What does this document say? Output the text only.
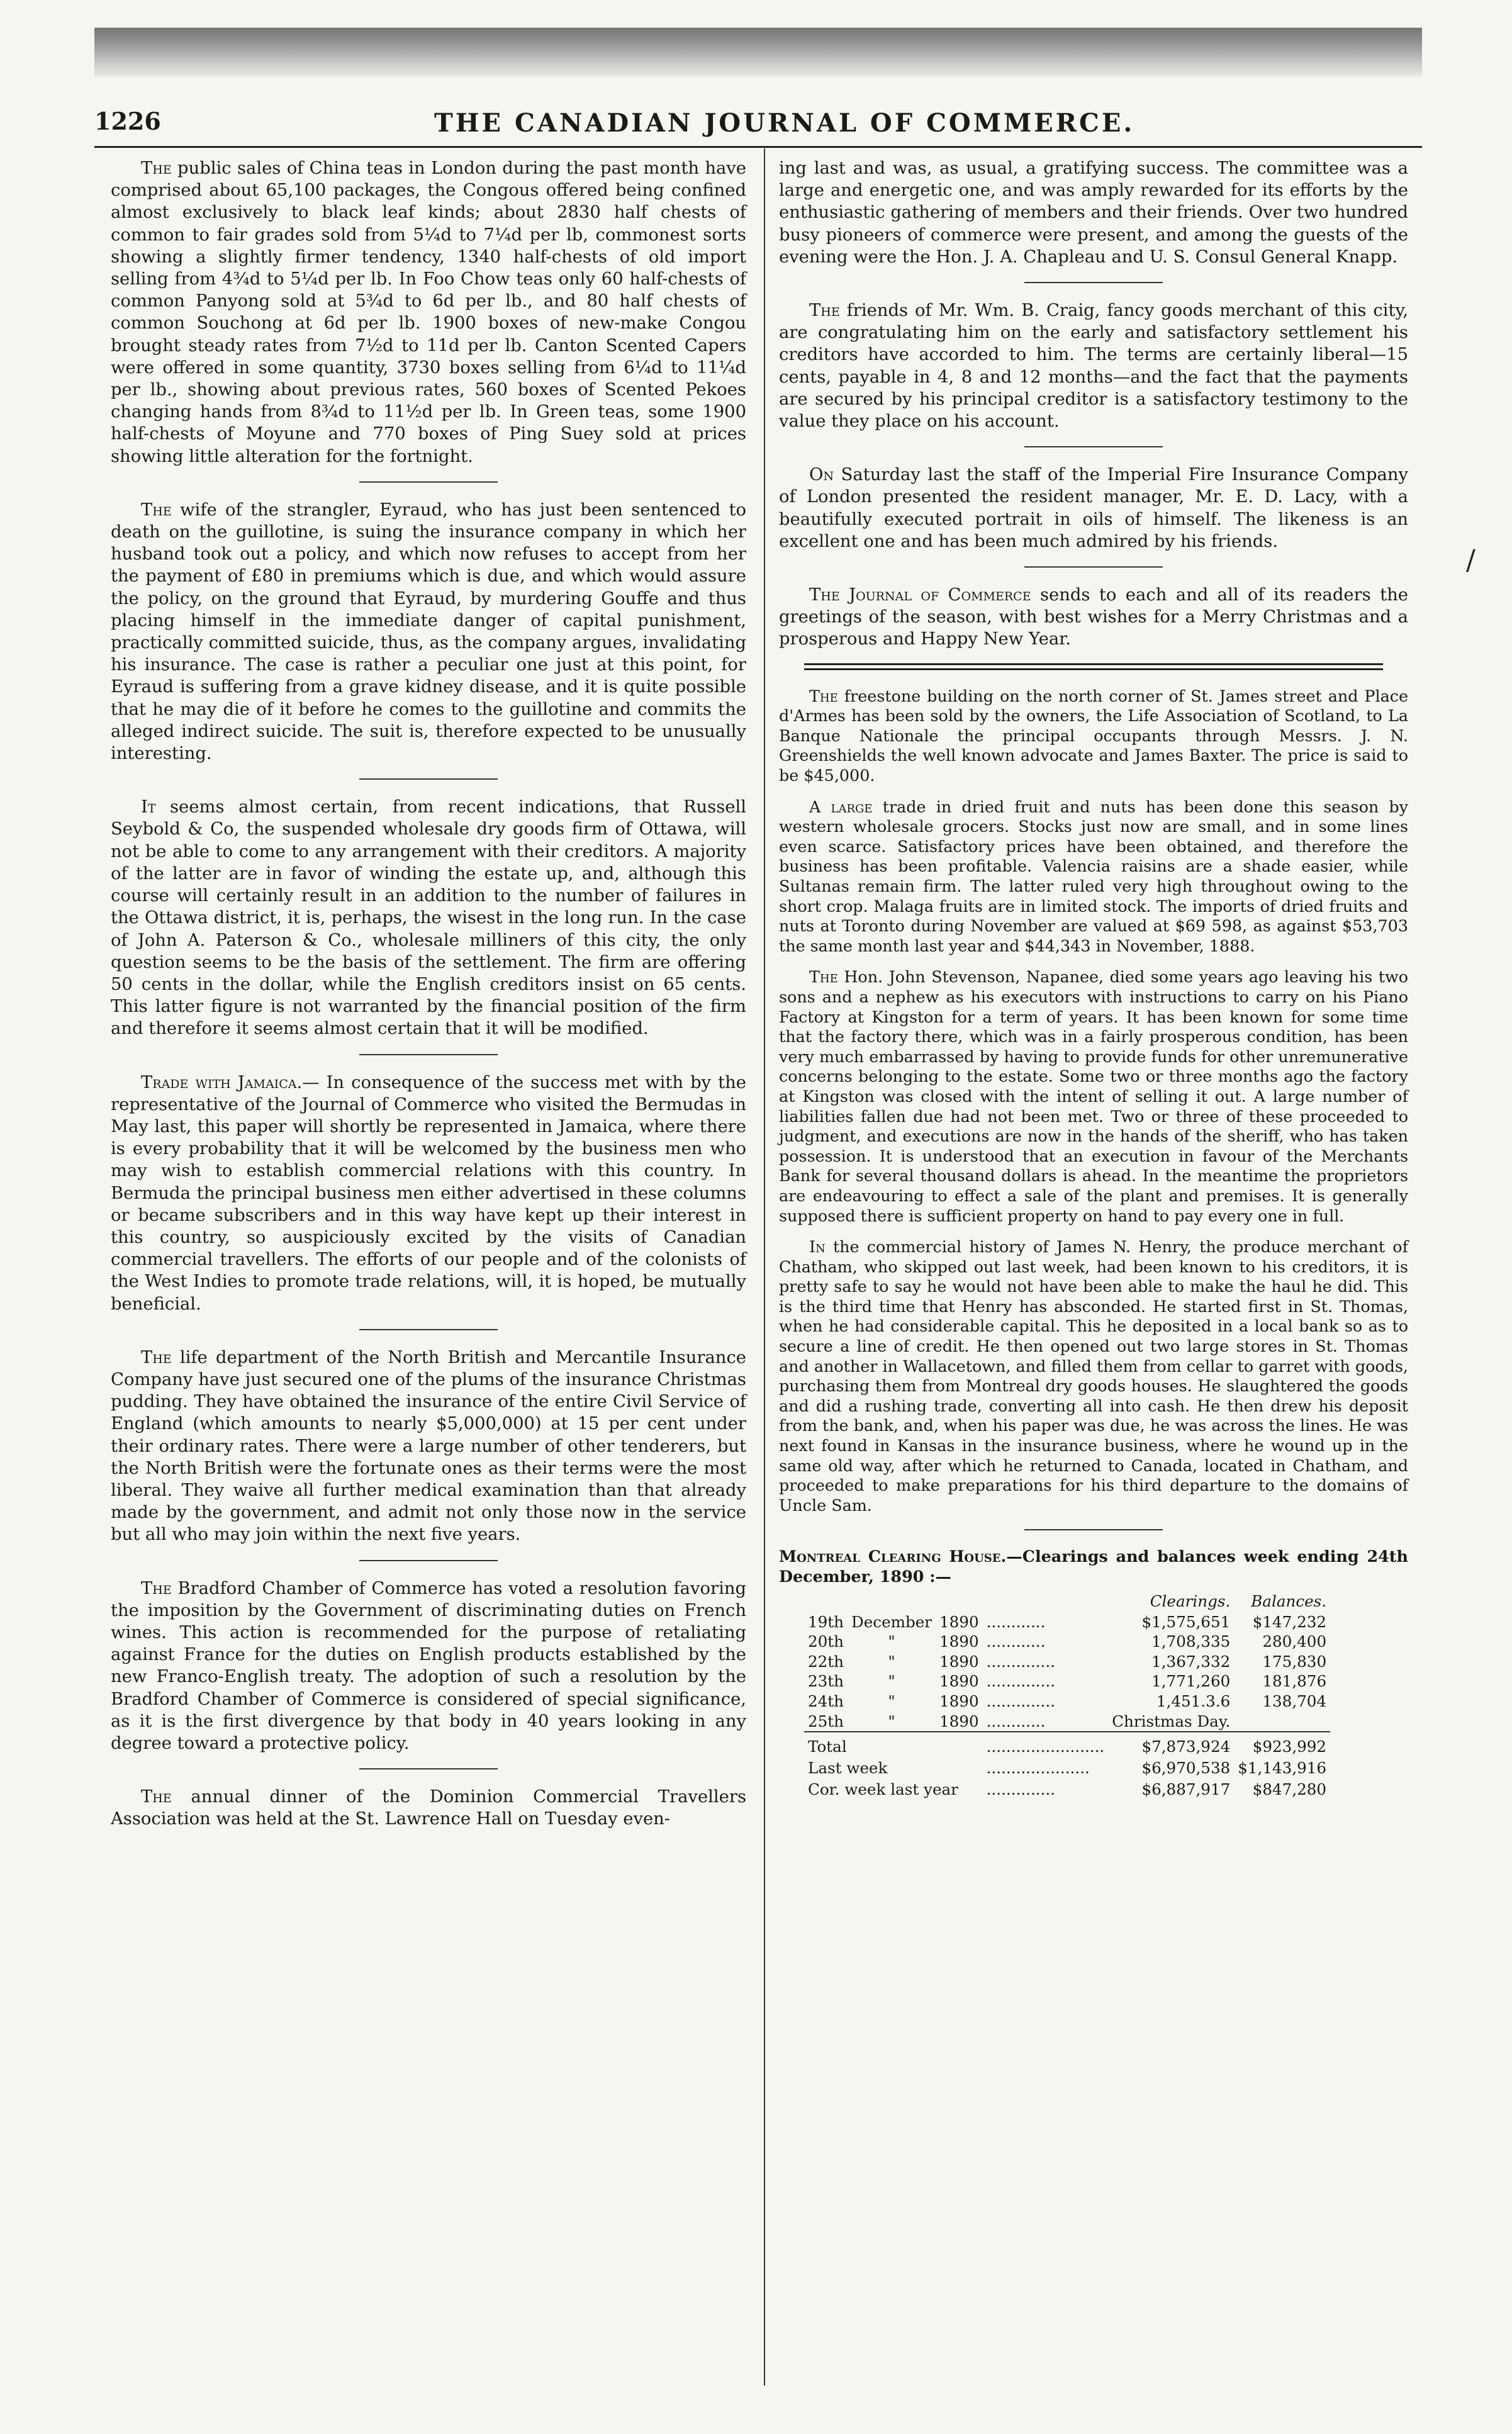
1226	THE CANADIAN JOURNAL OF COMMERCE.
/

The public sales of China teas in London during the past month have comprised about 65,100 packages, the Congous offered being confined almost exclusively to black leaf kinds; about 2830 half chests of common to fair grades sold from 5¼d to 7¼d per lb, commonest sorts showing a slightly firmer tendency, 1340 half-chests of old import selling from 4¾d to 5¼d per lb. In Foo Chow teas only 60 half-chests of common Panyong sold at 5¾d to 6d per lb., and 80 half chests of common Souchong at 6d per lb. 1900 boxes of new-make Congou brought steady rates from 7½d to 11d per lb. Canton Scented Capers were offered in some quantity, 3730 boxes selling from 6¼d to 11¼d per lb., showing about previous rates, 560 boxes of Scented Pekoes changing hands from 8¾d to 11½d per lb. In Green teas, some 1900 half-chests of Moyune and 770 boxes of Ping Suey sold at prices showing little alteration for the fortnight.

The wife of the strangler, Eyraud, who has just been sentenced to death on the guillotine, is suing the insurance company in which her husband took out a policy, and which now refuses to accept from her the payment of £80 in premiums which is due, and which would assure the policy, on the ground that Eyraud, by murdering Gouffe and thus placing himself in the immediate danger of capital punishment, practically committed suicide, thus, as the company argues, invalidating his insurance. The case is rather a peculiar one just at this point, for Eyraud is suffering from a grave kidney disease, and it is quite possible that he may die of it before he comes to the guillotine and commits the alleged indirect suicide. The suit is, therefore expected to be unusually interesting.

It seems almost certain, from recent indications, that Russell Seybold & Co, the suspended wholesale dry goods firm of Ottawa, will not be able to come to any arrangement with their creditors. A majority of the latter are in favor of winding the estate up, and, although this course will certainly result in an addition to the number of failures in the Ottawa district, it is, perhaps, the wisest in the long run. In the case of John A. Paterson & Co., wholesale milliners of this city, the only question seems to be the basis of the settlement. The firm are offering 50 cents in the dollar, while the English creditors insist on 65 cents. This latter figure is not warranted by the financial position of the firm and therefore it seems almost certain that it will be modified.

Trade with Jamaica.— In consequence of the success met with by the representative of the Journal of Commerce who visited the Bermudas in May last, this paper will shortly be represented in Jamaica, where there is every probability that it will be welcomed by the business men who may wish to establish commercial relations with this country. In Bermuda the principal business men either advertised in these columns or became subscribers and in this way have kept up their interest in this country, so auspiciously excited by the visits of Canadian commercial travellers. The efforts of our people and of the colonists of the West Indies to promote trade relations, will, it is hoped, be mutually beneficial.

The life department of the North British and Mercantile Insurance Company have just secured one of the plums of the insurance Christmas pudding. They have obtained the insurance of the entire Civil Service of England (which amounts to nearly $5,000,000) at 15 per cent under their ordinary rates. There were a large number of other tenderers, but the North British were the fortunate ones as their terms were the most liberal. They waive all further medical examination than that already made by the government, and admit not only those now in the service but all who may join within the next five years.

The Bradford Chamber of Commerce has voted a resolution favoring the imposition by the Government of discriminating duties on French wines. This action is recommended for the purpose of retaliating against France for the duties on English products established by the new Franco-English treaty. The adoption of such a resolution by the Bradford Chamber of Commerce is considered of special significance, as it is the first divergence by that body in 40 years looking in any degree toward a protective policy.

The annual dinner of the Dominion Commercial Travellers Association was held at the St. Lawrence Hall on Tuesday even-

ing last and was, as usual, a gratifying success. The committee was a large and energetic one, and was amply rewarded for its efforts by the enthusiastic gathering of members and their friends. Over two hundred busy pioneers of commerce were present, and among the guests of the evening were the Hon. J. A. Chapleau and U. S. Consul General Knapp.

The friends of Mr. Wm. B. Craig, fancy goods merchant of this city, are congratulating him on the early and satisfactory settlement his creditors have accorded to him. The terms are certainly liberal—15 cents, payable in 4, 8 and 12 months—and the fact that the payments are secured by his principal creditor is a satisfactory testimony to the value they place on his account.

On Saturday last the staff of the Imperial Fire Insurance Company of London presented the resident manager, Mr. E. D. Lacy, with a beautifully executed portrait in oils of himself. The likeness is an excellent one and has been much admired by his friends.

The Journal of Commerce sends to each and all of its readers the greetings of the season, with best wishes for a Merry Christmas and a prosperous and Happy New Year.

The freestone building on the north corner of St. James street and Place d'Armes has been sold by the owners, the Life Association of Scotland, to La Banque Nationale the principal occupants through Messrs. J. N. Greenshields the well known advocate and James Baxter. The price is said to be $45,000.

A large trade in dried fruit and nuts has been done this season by western wholesale grocers. Stocks just now are small, and in some lines even scarce. Satisfactory prices have been obtained, and therefore the business has been profitable. Valencia raisins are a shade easier, while Sultanas remain firm. The latter ruled very high throughout owing to the short crop. Malaga fruits are in limited stock. The imports of dried fruits and nuts at Toronto during November are valued at $69 598, as against $53,703 the same month last year and $44,343 in November, 1888.

The Hon. John Stevenson, Napanee, died some years ago leaving his two sons and a nephew as his executors with instructions to carry on his Piano Factory at Kingston for a term of years. It has been known for some time that the factory there, which was in a fairly prosperous condition, has been very much embarrassed by having to provide funds for other unremunerative concerns belonging to the estate. Some two or three months ago the factory at Kingston was closed with the intent of selling it out. A large number of liabilities fallen due had not been met. Two or three of these proceeded to judgment, and executions are now in the hands of the sheriff, who has taken possession. It is understood that an execution in favour of the Merchants Bank for several thousand dollars is ahead. In the meantime the proprietors are endeavouring to effect a sale of the plant and premises. It is generally supposed there is sufficient property on hand to pay every one in full.

In the commercial history of James N. Henry, the produce merchant of Chatham, who skipped out last week, had been known to his creditors, it is pretty safe to say he would not have been able to make the haul he did. This is the third time that Henry has absconded. He started first in St. Thomas, when he had considerable capital. This he deposited in a local bank so as to secure a line of credit. He then opened out two large stores in St. Thomas and another in Wallacetown, and filled them from cellar to garret with goods, purchasing them from Montreal dry goods houses. He slaughtered the goods and did a rushing trade, converting all into cash. He then drew his deposit from the bank, and, when his paper was due, he was across the lines. He was next found in Kansas in the insurance business, where he wound up in the same old way, after which he returned to Canada, located in Chatham, and proceeded to make preparations for his third departure to the domains of Uncle Sam.

Montreal Clearing House.—Clearings and balances week ending 24th December, 1890 :—

				Clearings.	Balances.
19th	December	1890	............	$1,575,651	$147,232
20th	"	1890	............	1,708,335	280,400
22th	"	1890	..............	1,367,332	175,830
23th	"	1890	..............	1,771,260	181,876
24th	"	1890	..............	1,451.3.6	138,704
25th	"	1890	............	Christmas Day.	

Total			........................	$7,873,924	$923,992
Last week			.....................	$6,970,538	$1,143,916
Cor. week last year			..............	$6,887,917	$847,280
